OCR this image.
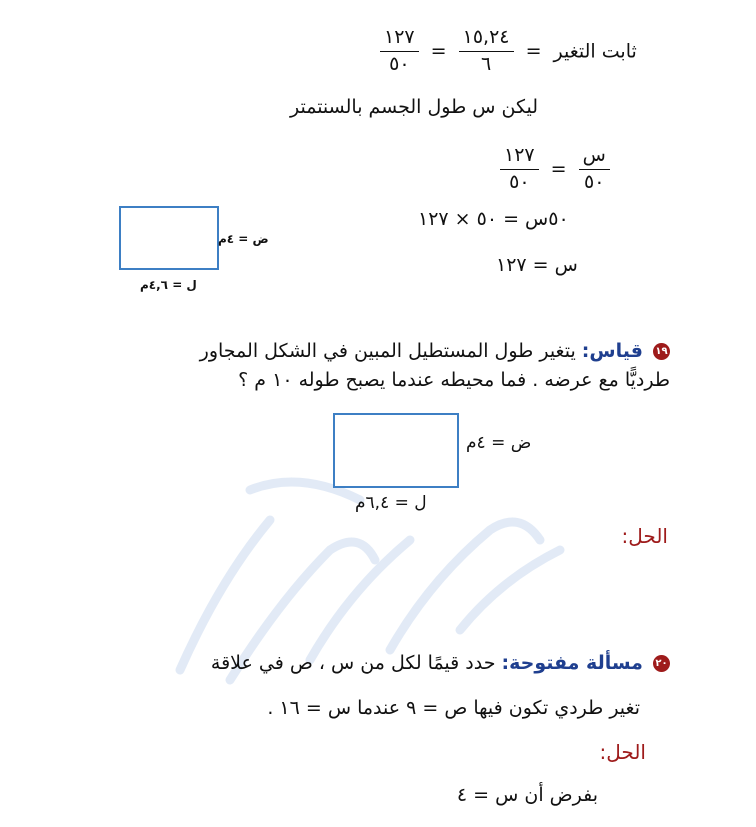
ثابت التغير =
$\frac{١٥,٢٤}{٦}$
=
$\frac{١٢٧}{٥٠}$
ليكن س طول الجسم بالسنتمتر
$\frac{\text{س}}{٥٠}$
=
$\frac{١٢٧}{٥٠}$
٥٠س = ٥٠ × ١٢٧
س = ١٢٧
ض = ٤م
ل = ٤,٦م
١٩ قياس: يتغير طول المستطيل المبين في الشكل المجاور
طرديًّا مع عرضه . فما محيطه عندما يصبح طوله ١٠ م ؟
ض = ٤م
ل = ٦,٤م
الحل:
٢٠ مسألة مفتوحة: حدد قيمًا لكل من س ، ص في علاقة
تغير طردي تكون فيها ص = ٩ عندما س = ١٦ .
الحل:
بفرض أن س = ٤
